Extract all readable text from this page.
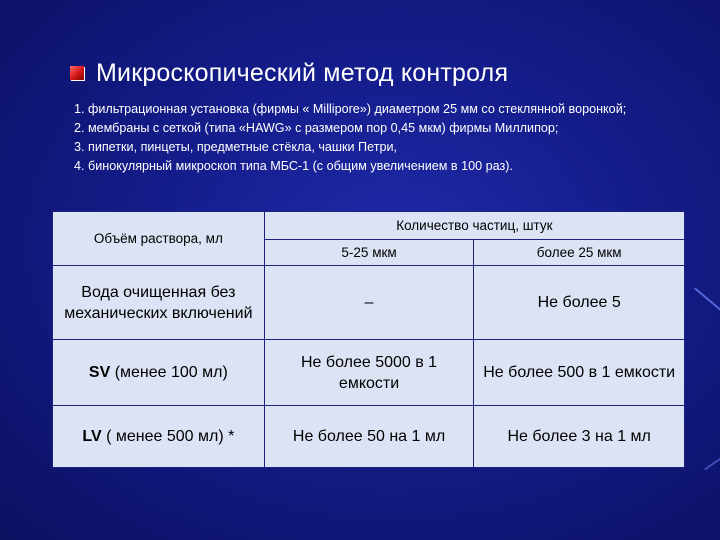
Микроскопический метод контроля
1. фильтрационная установка (фирмы « Millipore») диаметром 25 мм со стеклянной воронкой;
2. мембраны с сеткой (типа «HAWG» с размером пор 0,45 мкм) фирмы Миллипор;
3. пипетки, пинцеты, предметные стёкла, чашки Петри,
4. бинокулярный микроскоп типа МБС-1 (с общим увеличением в 100 раз).
Объём раствора, мл	Количество частиц, штук	
	5-25 мкм	более 25 мкм
Вода очищенная без механических включений	–	Не более 5
SV (менее 100 мл)	Не более 5000 в 1 емкости	Не более 500 в 1 емкости
LV ( менее 500 мл) *	Не более 50 на 1 мл	Не более 3 на 1 мл
